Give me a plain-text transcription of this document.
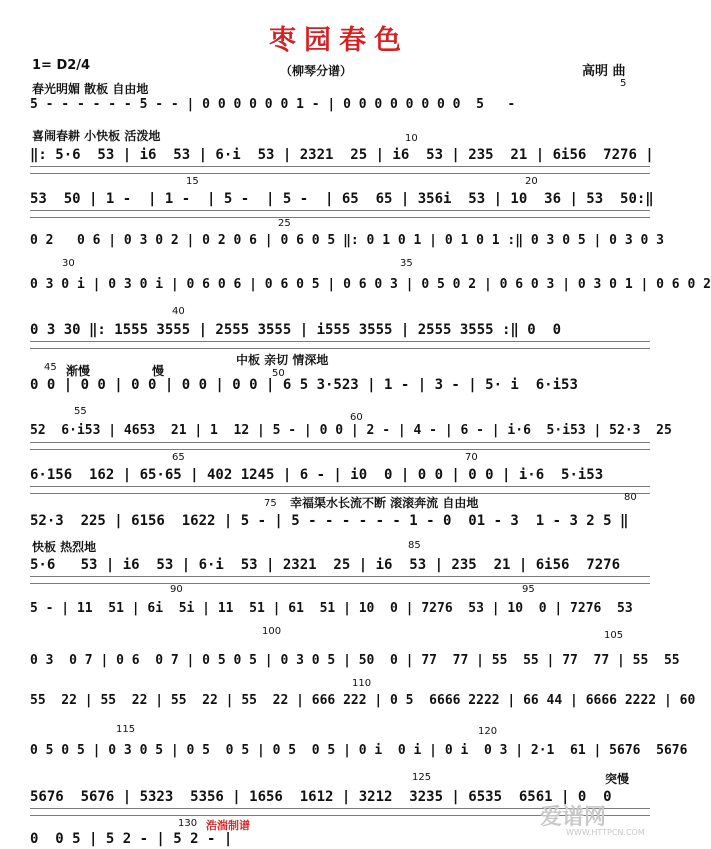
枣园春色
1= D2/4	（柳琴分谱）	高明 曲
春光明媚 散板 自由地
喜闹春耕 小快板 活泼地
渐慢	慢
中板 亲切 情深地
幸福渠水长流不断 滚滚奔流 自由地
快板 热烈地
突慢
5
10
15	20
25
30	35
40
45
50
55
60
65	70
75
80
85
90	95
100	105
110
115	120
125
130
5 - - - - - - 5 - - | 0 0 0 0 0 0 1 - | 0 0 0 0 0 0 0 0  5   -
‖: 5·6  53 | i6  53 | 6·i  53 | 2321  25 | i6  53 | 235  21 | 6i56  7276 |
53  50 | 1 -  | 1 -  | 5 -  | 5 -  | 65  65 | 356i  53 | 10  36 | 53  50:‖
0 2   0 6 | 0 3 0 2 | 0 2 0 6 | 0 6 0 5 ‖: 0 1 0 1 | 0 1 0 1 :‖ 0 3 0 5 | 0 3 0 3
0 3 0 i | 0 3 0 i | 0 6 0 6 | 0 6 0 5 | 0 6 0 3 | 0 5 0 2 | 0 6 0 3 | 0 3 0 1 | 0 6 0 2
0 3 30 ‖: 1555 3555 | 2555 3555 | i555 3555 | 2555 3555 :‖ 0  0
0 0 | 0 0 | 0 0 | 0 0 | 0 0 | 6 5 3·523 | 1 - | 3 - | 5· i  6·i53
52  6·i53 | 4653  21 | 1  12 | 5 - | 0 0 | 2 - | 4 - | 6 - | i·6  5·i53 | 52·3  25
6·156  162 | 65·65 | 402 1245 | 6 - | i0  0 | 0 0 | 0 0 | i·6  5·i53
52·3  225 | 6156  1622 | 5 - | 5 - - - - - - 1 - 0  01 - 3  1 - 3 2 5 ‖
5·6   53 | i6  53 | 6·i  53 | 2321  25 | i6  53 | 235  21 | 6i56  7276
5 - | 11  51 | 6i  5i | 11  51 | 61  51 | 10  0 | 7276  53 | 10  0 | 7276  53
0 3  0 7 | 0 6  0 7 | 0 5 0 5 | 0 3 0 5 | 50  0 | 77  77 | 55  55 | 77  77 | 55  55
55  22 | 55  22 | 55  22 | 55  22 | 666 222 | 0 5  6666 2222 | 66 44 | 6666 2222 | 60
0 5 0 5 | 0 3 0 5 | 0 5  0 5 | 0 5  0 5 | 0 i  0 i | 0 i  0 3 | 2·1  61 | 5676  5676
5676  5676 | 5323  5356 | 1656  1612 | 3212  3235 | 6535  6561 | 0  0
0  0 5 | 5 2 - | 5 2 - |
浩湍制谱	爱谱网
WWW.HTTPCN.COM
